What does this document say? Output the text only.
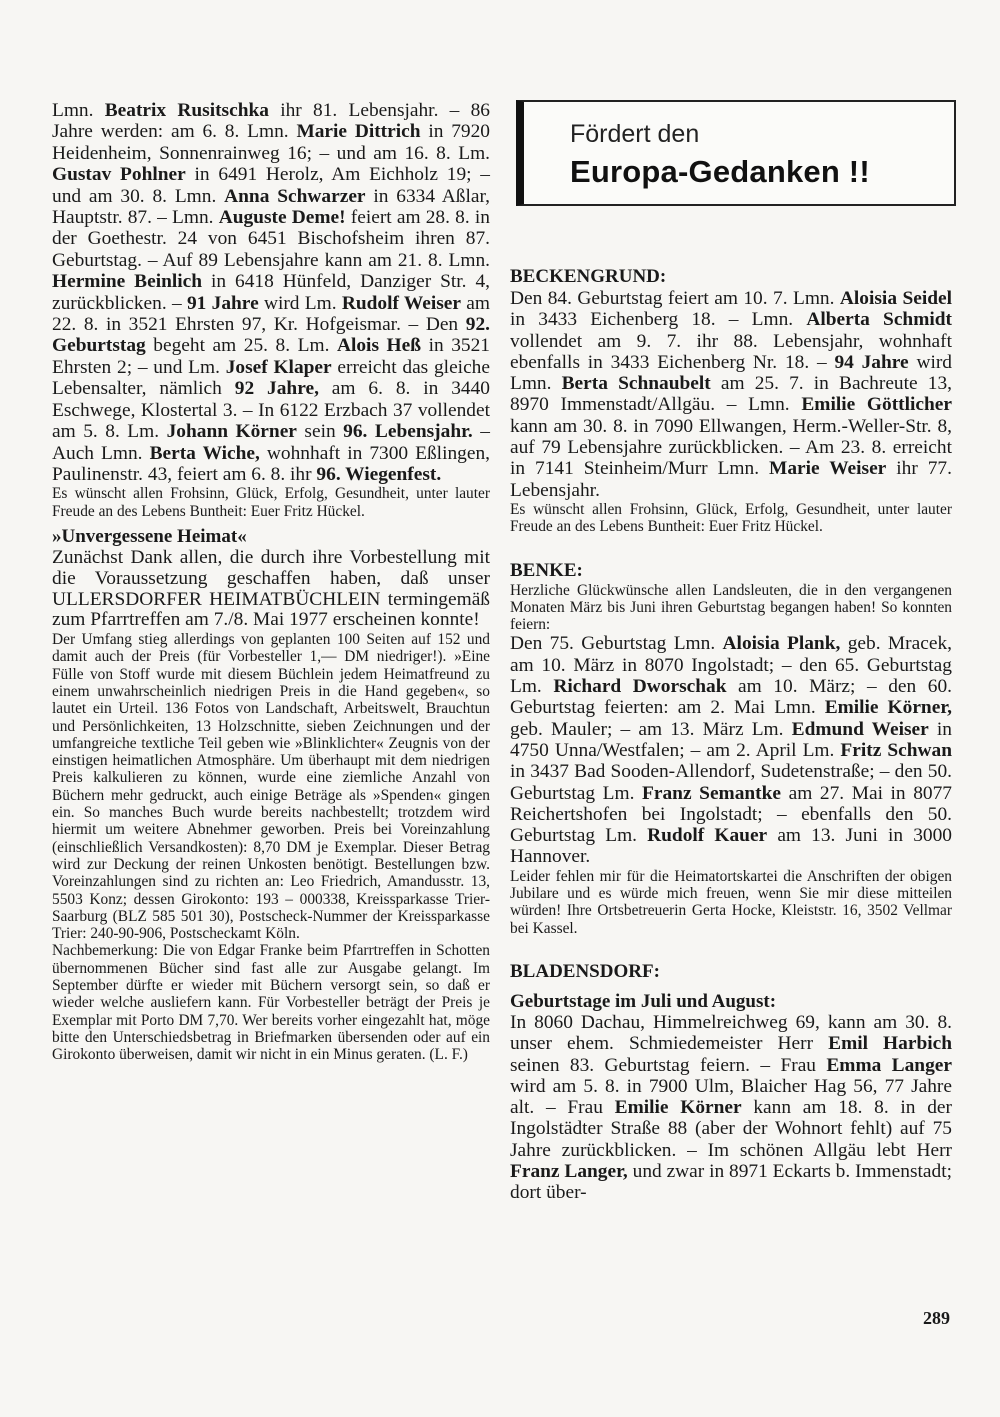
Lmn. Beatrix Rusitschka ihr 81. Lebensjahr. – 86 Jahre werden: am 6. 8. Lmn. Marie Dittrich in 7920 Heidenheim, Sonnenrainweg 16; – und am 16. 8. Lm. Gustav Pohlner in 6491 Herolz, Am Eichholz 19; – und am 30. 8. Lmn. Anna Schwarzer in 6334 Aßlar, Hauptstr. 87. – Lmn. Auguste Deme! feiert am 28. 8. in der Goethestr. 24 von 6451 Bischofsheim ihren 87. Geburtstag. – Auf 89 Lebensjahre kann am 21. 8. Lmn. Hermine Beinlich in 6418 Hünfeld, Danziger Str. 4, zurückblicken. – 91 Jahre wird Lm. Rudolf Weiser am 22. 8. in 3521 Ehrsten 97, Kr. Hofgeismar. – Den 92. Geburtstag begeht am 25. 8. Lm. Alois Heß in 3521 Ehrsten 2; – und Lm. Josef Klaper erreicht das gleiche Lebensalter, nämlich 92 Jahre, am 6. 8. in 3440 Eschwege, Klostertal 3. – In 6122 Erzbach 37 vollendet am 5. 8. Lm. Johann Körner sein 96. Lebensjahr. – Auch Lmn. Berta Wiche, wohnhaft in 7300 Eßlingen, Paulinenstr. 43, feiert am 6. 8. ihr 96. Wiegenfest.

Es wünscht allen Frohsinn, Glück, Erfolg, Gesundheit, unter lauter Freude an des Lebens Buntheit: Euer Fritz Hückel.

»Unvergessene Heimat«

Zunächst Dank allen, die durch ihre Vorbestellung mit die Voraussetzung geschaffen haben, daß unser ULLERSDORFER HEIMATBÜCHLEIN termingemäß zum Pfarrtreffen am 7./8. Mai 1977 erscheinen konnte!

Der Umfang stieg allerdings von geplanten 100 Seiten auf 152 und damit auch der Preis (für Vorbesteller 1,— DM niedriger!). »Eine Fülle von Stoff wurde mit diesem Büchlein jedem Heimatfreund zu einem unwahrscheinlich niedrigen Preis in die Hand gegeben«, so lautet ein Urteil. 136 Fotos von Landschaft, Arbeitswelt, Brauchtun und Persönlichkeiten, 13 Holzschnitte, sieben Zeichnungen und der umfangreiche textliche Teil geben wie »Blinklichter« Zeugnis von der einstigen heimatlichen Atmosphäre. Um überhaupt mit dem niedrigen Preis kalkulieren zu können, wurde eine ziemliche Anzahl von Büchern mehr gedruckt, auch einige Beträge als »Spenden« gingen ein. So manches Buch wurde bereits nachbestellt; trotzdem wird hiermit um weitere Abnehmer geworben. Preis bei Voreinzahlung (einschließlich Versandkosten): 8,70 DM je Exemplar. Dieser Betrag wird zur Deckung der reinen Unkosten benötigt. Bestellungen bzw. Voreinzahlungen sind zu richten an: Leo Friedrich, Amandusstr. 13, 5503 Konz; dessen Girokonto: 193 – 000338, Kreissparkasse Trier-Saarburg (BLZ 585 501 30), Postscheck-Nummer der Kreissparkasse Trier: 240-90-906, Postscheckamt Köln.

Nachbemerkung: Die von Edgar Franke beim Pfarrtreffen in Schotten übernommenen Bücher sind fast alle zur Ausgabe gelangt. Im September dürfte er wieder mit Büchern versorgt sein, so daß er wieder welche ausliefern kann. Für Vorbesteller beträgt der Preis je Exemplar mit Porto DM 7,70. Wer bereits vorher eingezahlt hat, möge bitte den Unterschiedsbetrag in Briefmarken übersenden oder auf ein Girokonto überweisen, damit wir nicht in ein Minus geraten. (L. F.)

Fördert den
Europa-Gedanken !!

BECKENGRUND:

Den 84. Geburtstag feiert am 10. 7. Lmn. Aloisia Seidel in 3433 Eichenberg 18. – Lmn. Alberta Schmidt vollendet am 9. 7. ihr 88. Lebensjahr, wohnhaft ebenfalls in 3433 Eichenberg Nr. 18. – 94 Jahre wird Lmn. Berta Schnaubelt am 25. 7. in Bachreute 13, 8970 Immenstadt/Allgäu. – Lmn. Emilie Göttlicher kann am 30. 8. in 7090 Ellwangen, Herm.-Weller-Str. 8, auf 79 Lebensjahre zurückblicken. – Am 23. 8. erreicht in 7141 Steinheim/Murr Lmn. Marie Weiser ihr 77. Lebensjahr.

Es wünscht allen Frohsinn, Glück, Erfolg, Gesundheit, unter lauter Freude an des Lebens Buntheit: Euer Fritz Hückel.

BENKE:

Herzliche Glückwünsche allen Landsleuten, die in den vergangenen Monaten März bis Juni ihren Geburtstag begangen haben! So konnten feiern:

Den 75. Geburtstag Lmn. Aloisia Plank, geb. Mracek, am 10. März in 8070 Ingolstadt; – den 65. Geburtstag Lm. Richard Dworschak am 10. März; – den 60. Geburtstag feierten: am 2. Mai Lmn. Emilie Körner, geb. Mauler; – am 13. März Lm. Edmund Weiser in 4750 Unna/Westfalen; – am 2. April Lm. Fritz Schwan in 3437 Bad Sooden-Allendorf, Sudetenstraße; – den 50. Geburtstag Lm. Franz Semantke am 27. Mai in 8077 Reichertshofen bei Ingolstadt; – ebenfalls den 50. Geburtstag Lm. Rudolf Kauer am 13. Juni in 3000 Hannover.

Leider fehlen mir für die Heimatortskartei die Anschriften der obigen Jubilare und es würde mich freuen, wenn Sie mir diese mitteilen würden! Ihre Ortsbetreuerin Gerta Hocke, Kleiststr. 16, 3502 Vellmar bei Kassel.

BLADENSDORF:

Geburtstage im Juli und August:

In 8060 Dachau, Himmelreichweg 69, kann am 30. 8. unser ehem. Schmiedemeister Herr Emil Harbich seinen 83. Geburtstag feiern. – Frau Emma Langer wird am 5. 8. in 7900 Ulm, Blaicher Hag 56, 77 Jahre alt. – Frau Emilie Körner kann am 18. 8. in der Ingolstädter Straße 88 (aber der Wohnort fehlt) auf 75 Jahre zurückblicken. – Im schönen Allgäu lebt Herr Franz Langer, und zwar in 8971 Eckarts b. Immenstadt; dort über-

289
